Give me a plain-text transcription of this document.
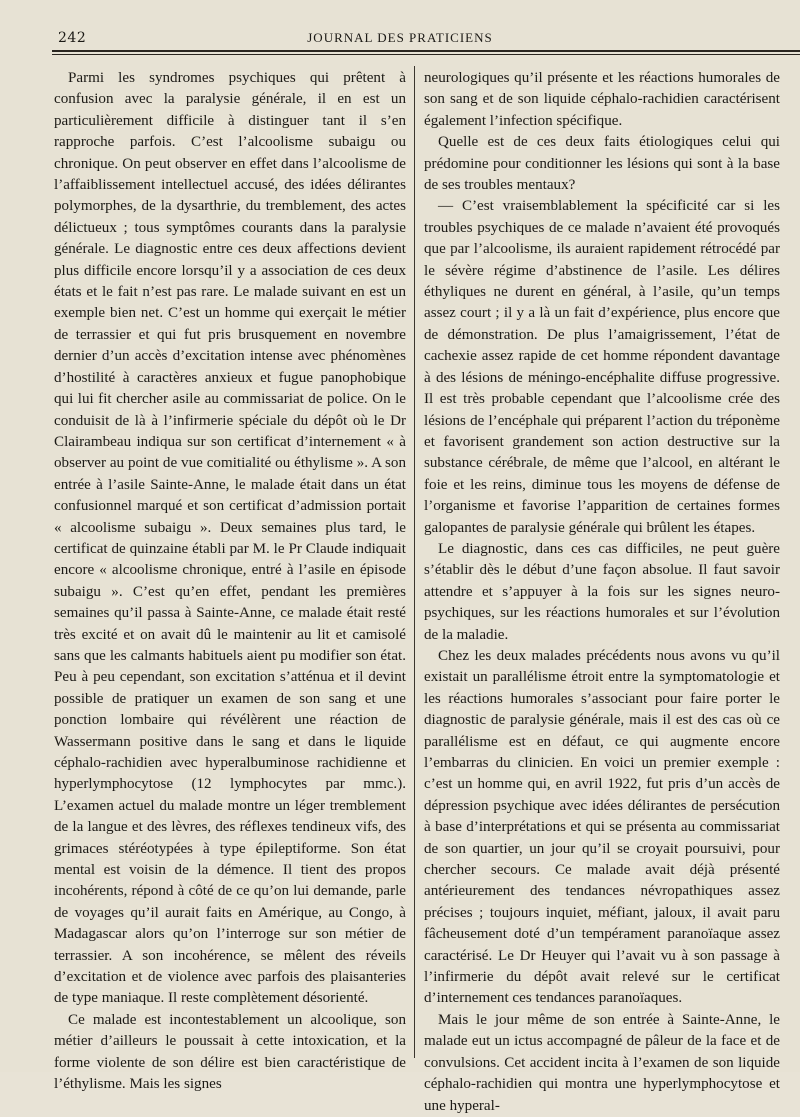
242	JOURNAL DES PRATICIENS

Parmi les syndromes psychiques qui prêtent à confusion avec la paralysie générale, il en est un particulièrement difficile à distinguer tant il s’en rapproche parfois. C’est l’alcoolisme subaigu ou chronique. On peut observer en effet dans l’alcoolisme de l’affaiblissement intellectuel accusé, des idées délirantes polymorphes, de la dysarthrie, du tremblement, des actes délictueux ; tous symptômes courants dans la paralysie générale. Le diagnostic entre ces deux affections devient plus difficile encore lorsqu’il y a association de ces deux états et le fait n’est pas rare. Le malade suivant en est un exemple bien net. C’est un homme qui exerçait le métier de terrassier et qui fut pris brusquement en novembre dernier d’un accès d’excitation intense avec phénomènes d’hostilité à caractères anxieux et fugue panophobique qui lui fit chercher asile au commissariat de police. On le conduisit de là à l’infirmerie spéciale du dépôt où le Dr Clairambeau indiqua sur son certificat d’internement « à observer au point de vue comitialité ou éthylisme ». A son entrée à l’asile Sainte-Anne, le malade était dans un état confusionnel marqué et son certificat d’admission portait « alcoolisme subaigu ». Deux semaines plus tard, le certificat de quinzaine établi par M. le Pr Claude indiquait encore « alcoolisme chronique, entré à l’asile en épisode subaigu ». C’est qu’en effet, pendant les premières semaines qu’il passa à Sainte-Anne, ce malade était resté très excité et on avait dû le maintenir au lit et camisolé sans que les calmants habituels aient pu modifier son état. Peu à peu cependant, son excitation s’atténua et il devint possible de pratiquer un examen de son sang et une ponction lombaire qui révélèrent une réaction de Wassermann positive dans le sang et dans le liquide céphalo-rachidien avec hyperalbuminose rachidienne et hyperlymphocytose (12 lymphocytes par mmc.). L’examen actuel du malade montre un léger tremblement de la langue et des lèvres, des réflexes tendineux vifs, des grimaces stéréotypées à type épileptiforme. Son état mental est voisin de la démence. Il tient des propos incohérents, répond à côté de ce qu’on lui demande, parle de voyages qu’il aurait faits en Amérique, au Congo, à Madagascar alors qu’on l’interroge sur son métier de terrassier. A son incohérence, se mêlent des réveils d’excitation et de violence avec parfois des plaisanteries de type maniaque. Il reste complètement désorienté.

Ce malade est incontestablement un alcoolique, son métier d’ailleurs le poussait à cette intoxication, et la forme violente de son délire est bien caractéristique de l’éthylisme. Mais les signes

neurologiques qu’il présente et les réactions humorales de son sang et de son liquide céphalo-rachidien caractérisent également l’infection spécifique.

Quelle est de ces deux faits étiologiques celui qui prédomine pour conditionner les lésions qui sont à la base de ses troubles mentaux?

— C’est vraisemblablement la spécificité car si les troubles psychiques de ce malade n’avaient été provoqués que par l’alcoolisme, ils auraient rapidement rétrocédé par le sévère régime d’abstinence de l’asile. Les délires éthyliques ne durent en général, à l’asile, qu’un temps assez court ; il y a là un fait d’expérience, plus encore que de démonstration. De plus l’amaigrissement, l’état de cachexie assez rapide de cet homme répondent davantage à des lésions de méningo-encéphalite diffuse progressive. Il est très probable cependant que l’alcoolisme crée des lésions de l’encéphale qui préparent l’action du tréponème et favorisent grandement son action destructive sur la substance cérébrale, de même que l’alcool, en altérant le foie et les reins, diminue tous les moyens de défense de l’organisme et favorise l’apparition de certaines formes galopantes de paralysie générale qui brûlent les étapes.

Le diagnostic, dans ces cas difficiles, ne peut guère s’établir dès le début d’une façon absolue. Il faut savoir attendre et s’appuyer à la fois sur les signes neuro-psychiques, sur les réactions humorales et sur l’évolution de la maladie.

Chez les deux malades précédents nous avons vu qu’il existait un parallélisme étroit entre la symptomatologie et les réactions humorales s’associant pour faire porter le diagnostic de paralysie générale, mais il est des cas où ce parallélisme est en défaut, ce qui augmente encore l’embarras du clinicien. En voici un premier exemple : c’est un homme qui, en avril 1922, fut pris d’un accès de dépression psychique avec idées délirantes de persécution à base d’interprétations et qui se présenta au commissariat de son quartier, un jour qu’il se croyait poursuivi, pour chercher secours. Ce malade avait déjà présenté antérieurement des tendances névropathiques assez précises ; toujours inquiet, méfiant, jaloux, il avait paru fâcheusement doté d’un tempérament paranoïaque assez caractérisé. Le Dr Heuyer qui l’avait vu à son passage à l’infirmerie du dépôt avait relevé sur le certificat d’internement ces tendances paranoïaques.

Mais le jour même de son entrée à Sainte-Anne, le malade eut un ictus accompagné de pâleur de la face et de convulsions. Cet accident incita à l’examen de son liquide céphalo-rachidien qui montra une hyperlymphocytose et une hyperal-
